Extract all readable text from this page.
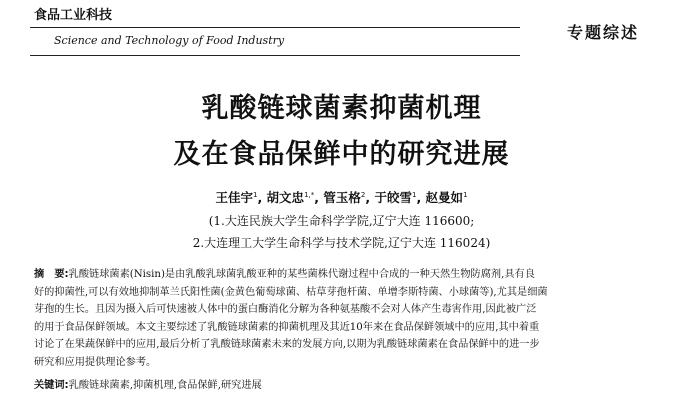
食品工业科技
专题综述
Science and Technology of Food Industry
乳酸链球菌素抑菌机理
及在食品保鲜中的研究进展
王佳宇$^1$, 胡文忠$^{1,*}$, 管玉格$^2$, 于皎雪$^1$, 赵曼如$^1$
(1.大连民族大学生命科学学院,辽宁大连 116600;
2.大连理工大学生命科学与技术学院,辽宁大连 116024)
摘　要:乳酸链球菌素(Nisin)是由乳酸乳球菌乳酸亚种的某些菌株代谢过程中合成的一种天然生物防腐剂,具有良
好的抑菌性,可以有效地抑制革兰氏阳性菌(金黄色葡萄球菌、枯草芽孢杆菌、单增李斯特菌、小球菌等),尤其是细菌
芽孢的生长。且因为摄入后可快速被人体中的蛋白酶消化分解为各种氨基酸不会对人体产生毒害作用,因此被广泛
的用于食品保鲜领域。本文主要综述了乳酸链球菌素的抑菌机理及其近10年来在食品保鲜领域中的应用,其中着重
讨论了在果蔬保鲜中的应用,最后分析了乳酸链球菌素未来的发展方向,以期为乳酸链球菌素在食品保鲜中的进一步
研究和应用提供理论参考。
关键词:乳酸链球菌素,抑菌机理,食品保鲜,研究进展
